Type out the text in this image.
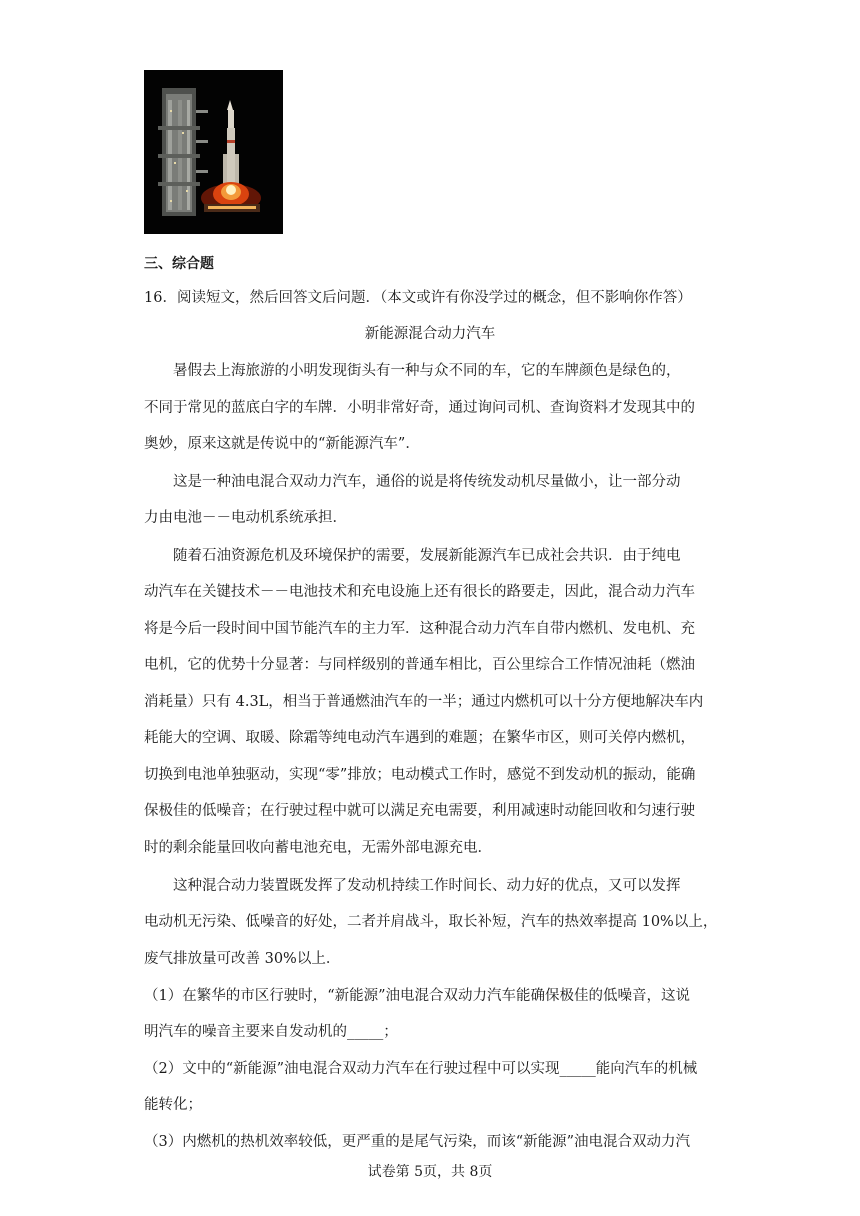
三、综合题
16．阅读短文，然后回答文后问题．（本文或许有你没学过的概念，但不影响你作答）
新能源混合动力汽车
暑假去上海旅游的小明发现街头有一种与众不同的车，它的车牌颜色是绿色的，
不同于常见的蓝底白字的车牌．小明非常好奇，通过询问司机、查询资料才发现其中的
奥妙，原来这就是传说中的“新能源汽车”．
这是一种油电混合双动力汽车，通俗的说是将传统发动机尽量做小，让一部分动
力由电池－－电动机系统承担．
随着石油资源危机及环境保护的需要，发展新能源汽车已成社会共识．由于纯电
动汽车在关键技术－－电池技术和充电设施上还有很长的路要走，因此，混合动力汽车
将是今后一段时间中国节能汽车的主力军．这种混合动力汽车自带内燃机、发电机、充
电机，它的优势十分显著：与同样级别的普通车相比，百公里综合工作情况油耗（燃油
消耗量）只有 4.3L，相当于普通燃油汽车的一半；通过内燃机可以十分方便地解决车内
耗能大的空调、取暖、除霜等纯电动汽车遇到的难题；在繁华市区，则可关停内燃机，
切换到电池单独驱动，实现“零”排放；电动模式工作时，感觉不到发动机的振动，能确
保极佳的低噪音；在行驶过程中就可以满足充电需要，利用减速时动能回收和匀速行驶
时的剩余能量回收向蓄电池充电，无需外部电源充电．
这种混合动力装置既发挥了发动机持续工作时间长、动力好的优点，又可以发挥
电动机无污染、低噪音的好处，二者并肩战斗，取长补短，汽车的热效率提高 10%以上，
废气排放量可改善 30%以上．
（1）在繁华的市区行驶时，“新能源”油电混合双动力汽车能确保极佳的低噪音，这说
明汽车的噪音主要来自发动机的_____；
（2）文中的“新能源”油电混合双动力汽车在行驶过程中可以实现_____能向汽车的机械
能转化；
（3）内燃机的热机效率较低，更严重的是尾气污染，而该“新能源”油电混合双动力汽
试卷第 5页，共 8页
